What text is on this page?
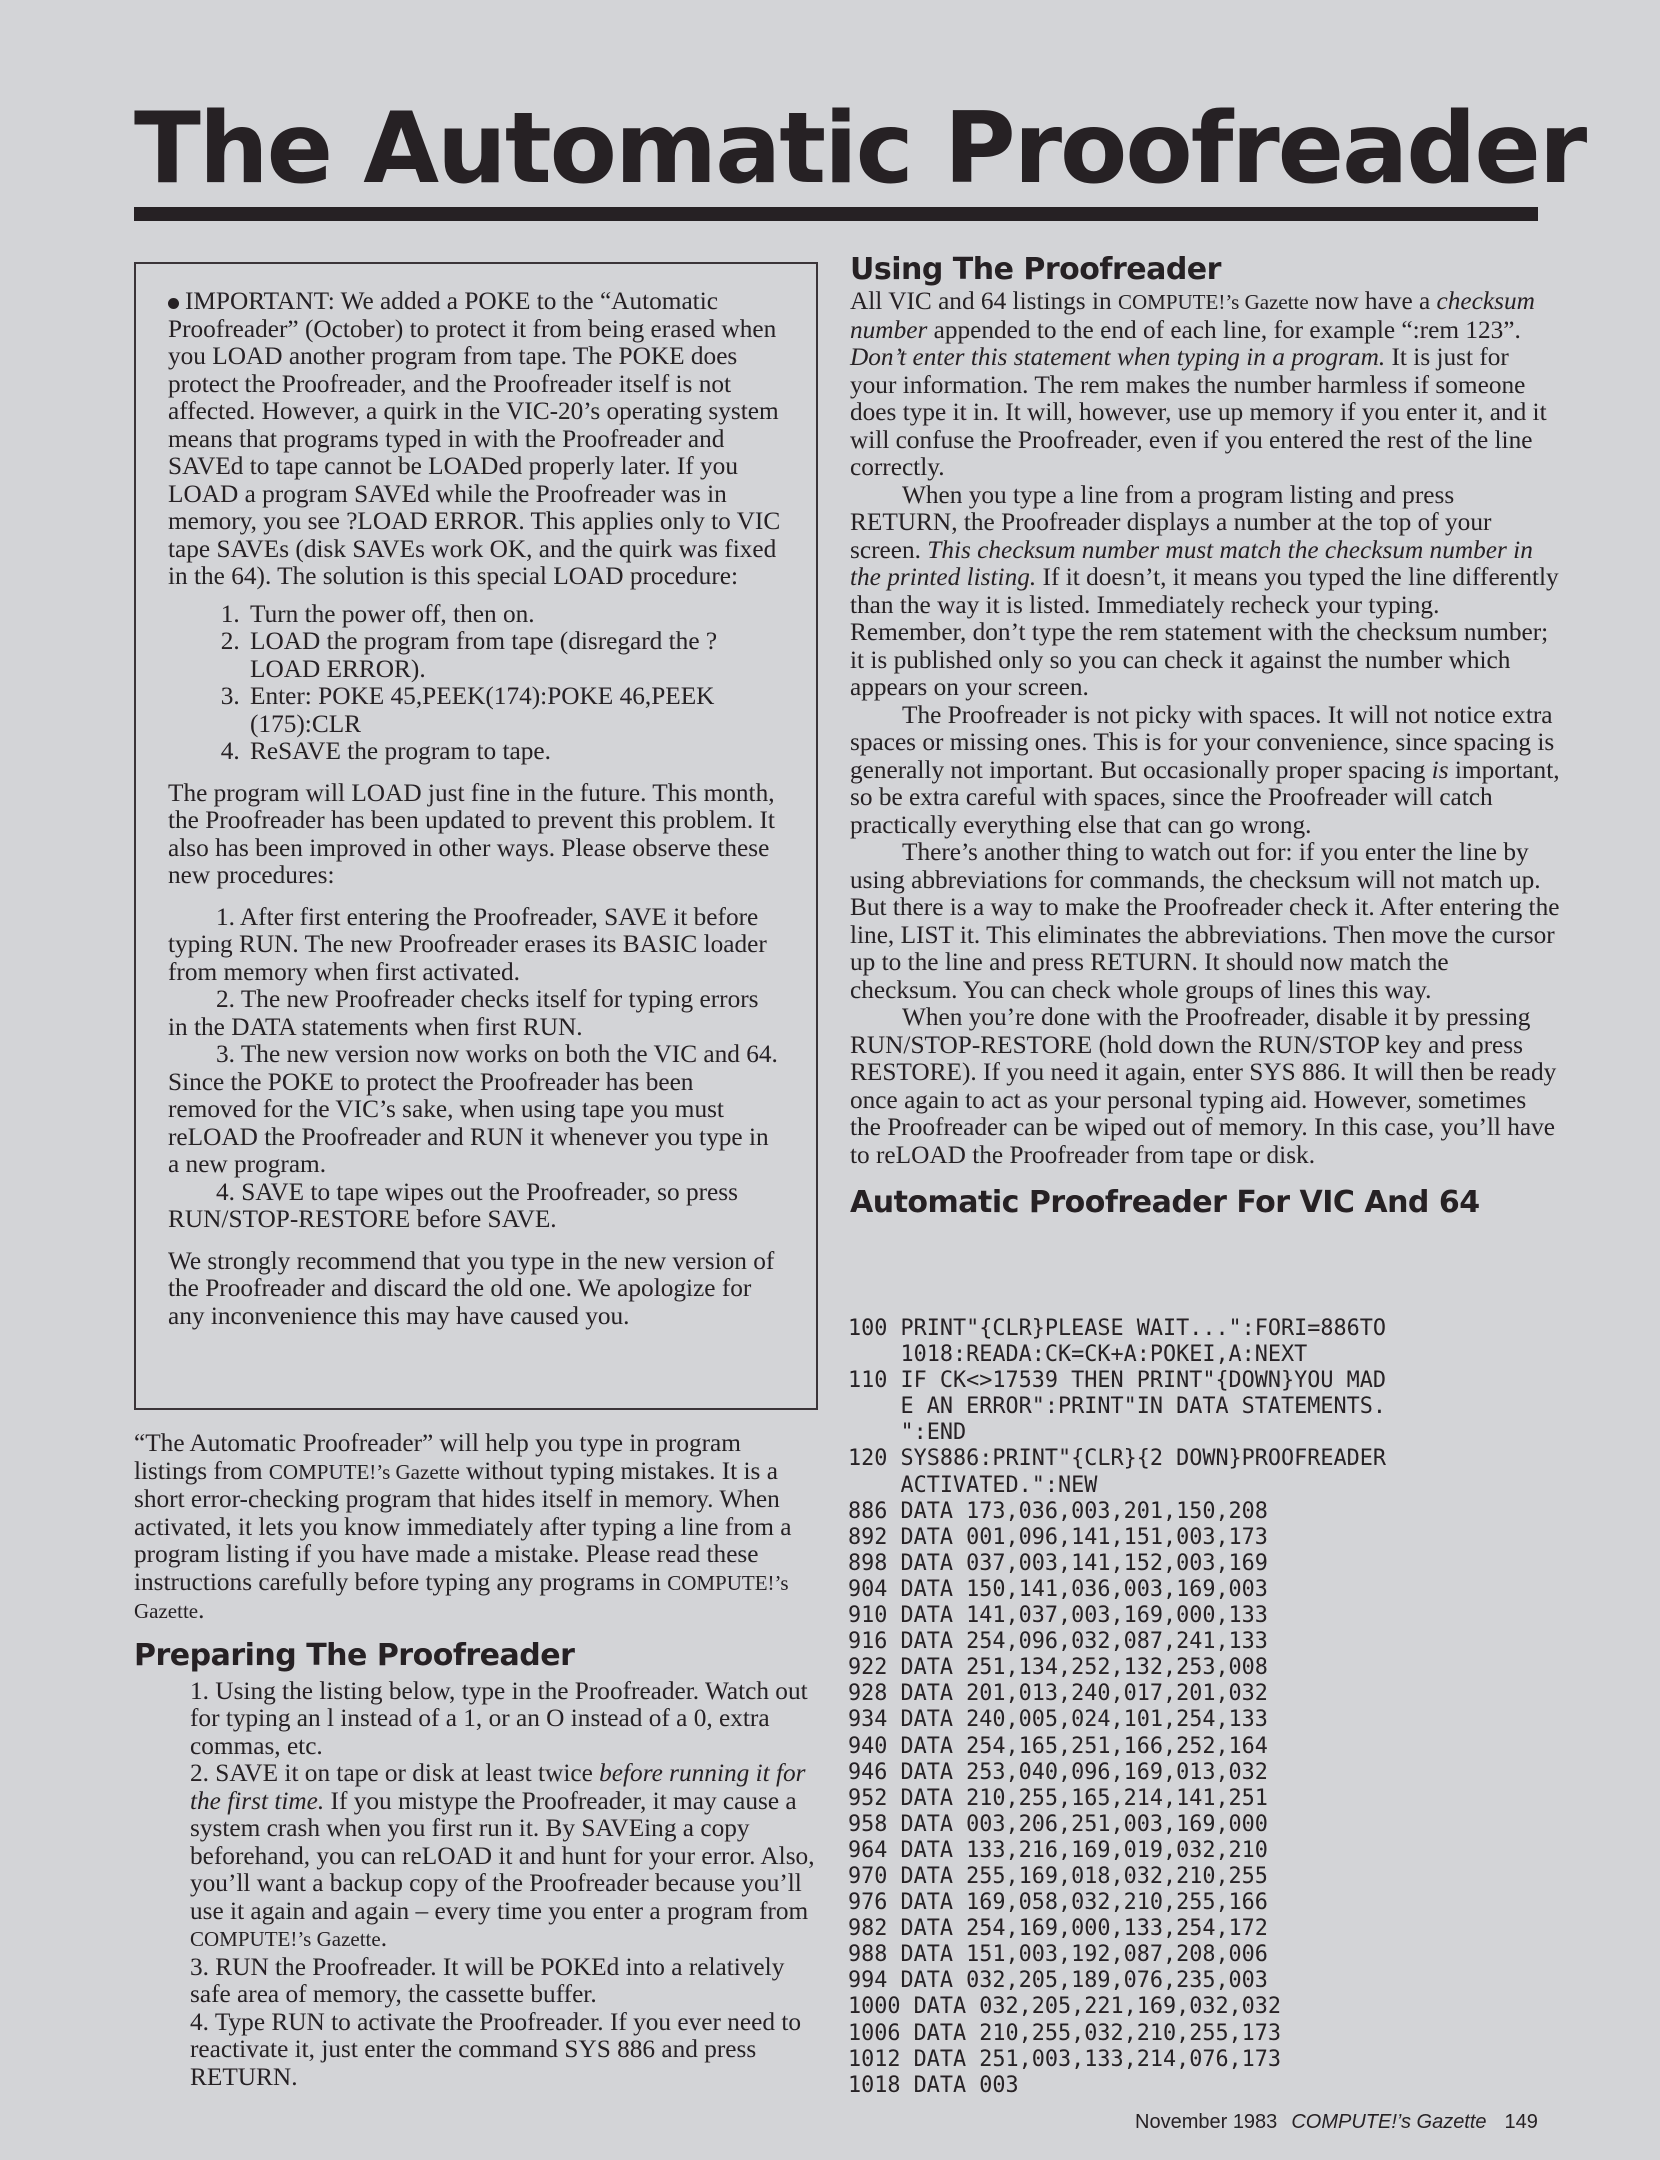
The Automatic Proofreader

IMPORTANT: We added a POKE to the “Automatic Proofreader” (October) to protect it from being erased when you LOAD another program from tape. The POKE does protect the Proofreader, and the Proofreader itself is not affected. However, a quirk in the VIC-20’s operating system means that programs typed in with the Proofreader and SAVEd to tape cannot be LOADed properly later. If you LOAD a program SAVEd while the Proofreader was in memory, you see ?LOAD ERROR. This applies only to VIC tape SAVEs (disk SAVEs work OK, and the quirk was fixed in the 64). The solution is this special LOAD procedure:

1. Turn the power off, then on.
2. LOAD the program from tape (disregard the ?LOAD ERROR).
3. Enter: POKE 45,PEEK(174):POKE 46,PEEK (175):CLR
4. ReSAVE the program to tape.

The program will LOAD just fine in the future. This month, the Proofreader has been updated to prevent this problem. It also has been improved in other ways. Please observe these new procedures:

1. After first entering the Proofreader, SAVE it before typing RUN. The new Proofreader erases its BASIC loader from memory when first activated.

2. The new Proofreader checks itself for typing errors in the DATA statements when first RUN.

3. The new version now works on both the VIC and 64. Since the POKE to protect the Proofreader has been removed for the VIC’s sake, when using tape you must reLOAD the Proofreader and RUN it whenever you type in a new program.

4. SAVE to tape wipes out the Proofreader, so press RUN/STOP-RESTORE before SAVE.

We strongly recommend that you type in the new version of the Proofreader and discard the old one. We apologize for any inconvenience this may have caused you.

“The Automatic Proofreader” will help you type in program listings from COMPUTE!’s Gazette without typing mistakes. It is a short error-checking program that hides itself in memory. When activated, it lets you know immediately after typing a line from a program listing if you have made a mistake. Please read these instructions carefully before typing any programs in COMPUTE!’s Gazette.

Preparing The Proofreader

1. Using the listing below, type in the Proofreader. Watch out for typing an l instead of a 1, or an O instead of a 0, extra commas, etc.

2. SAVE it on tape or disk at least twice before running it for the first time. If you mistype the Proofreader, it may cause a system crash when you first run it. By SAVEing a copy beforehand, you can reLOAD it and hunt for your error. Also, you’ll want a backup copy of the Proofreader because you’ll use it again and again – every time you enter a program from COMPUTE!’s Gazette.

3. RUN the Proofreader. It will be POKEd into a relatively safe area of memory, the cassette buffer.

4. Type RUN to activate the Proofreader. If you ever need to reactivate it, just enter the command SYS 886 and press RETURN.

Using The Proofreader

All VIC and 64 listings in COMPUTE!’s Gazette now have a checksum number appended to the end of each line, for example “:rem 123”. Don’t enter this statement when typing in a program. It is just for your information. The rem makes the number harmless if someone does type it in. It will, however, use up memory if you enter it, and it will confuse the Proofreader, even if you entered the rest of the line correctly.

When you type a line from a program listing and press RETURN, the Proofreader displays a number at the top of your screen. This checksum number must match the checksum number in the printed listing. If it doesn’t, it means you typed the line differently than the way it is listed. Immediately recheck your typing. Remember, don’t type the rem statement with the checksum number; it is published only so you can check it against the number which appears on your screen.

The Proofreader is not picky with spaces. It will not notice extra spaces or missing ones. This is for your convenience, since spacing is generally not important. But occasionally proper spacing is important, so be extra careful with spaces, since the Proofreader will catch practically everything else that can go wrong.

There’s another thing to watch out for: if you enter the line by using abbreviations for commands, the checksum will not match up. But there is a way to make the Proofreader check it. After entering the line, LIST it. This eliminates the abbreviations. Then move the cursor up to the line and press RETURN. It should now match the checksum. You can check whole groups of lines this way.

When you’re done with the Proofreader, disable it by pressing RUN/STOP-RESTORE (hold down the RUN/STOP key and press RESTORE). If you need it again, enter SYS 886. It will then be ready once again to act as your personal typing aid. However, sometimes the Proofreader can be wiped out of memory. In this case, you’ll have to reLOAD the Proofreader from tape or disk.

Automatic Proofreader For VIC And 64
100 PRINT"{CLR}PLEASE WAIT...":FORI=886TO
1018:READA:CK=CK+A:POKEI,A:NEXT
110 IF CK<>17539 THEN PRINT"{DOWN}YOU MAD
E AN ERROR":PRINT"IN DATA STATEMENTS.
":END
120 SYS886:PRINT"{CLR}{2 DOWN}PROOFREADER
ACTIVATED.":NEW
886 DATA 173,036,003,201,150,208
892 DATA 001,096,141,151,003,173
898 DATA 037,003,141,152,003,169
904 DATA 150,141,036,003,169,003
910 DATA 141,037,003,169,000,133
916 DATA 254,096,032,087,241,133
922 DATA 251,134,252,132,253,008
928 DATA 201,013,240,017,201,032
934 DATA 240,005,024,101,254,133
940 DATA 254,165,251,166,252,164
946 DATA 253,040,096,169,013,032
952 DATA 210,255,165,214,141,251
958 DATA 003,206,251,003,169,000
964 DATA 133,216,169,019,032,210
970 DATA 255,169,018,032,210,255
976 DATA 169,058,032,210,255,166
982 DATA 254,169,000,133,254,172
988 DATA 151,003,192,087,208,006
994 DATA 032,205,189,076,235,003
1000 DATA 032,205,221,169,032,032
1006 DATA 210,255,032,210,255,173
1012 DATA 251,003,133,214,076,173
1018 DATA 003
November 1983 COMPUTE!’s Gazette 149
